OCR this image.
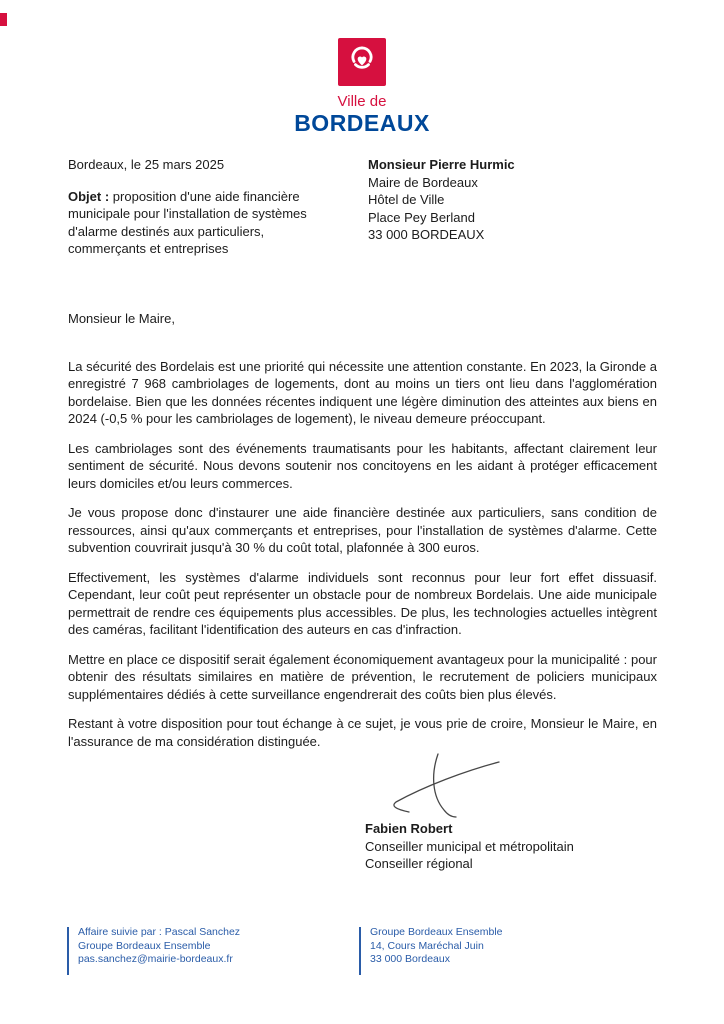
Ville de
BORDEAUX

Bordeaux, le 25 mars 2025

Objet : proposition d'une aide financière municipale pour l'installation de systèmes d'alarme destinés aux particuliers, commerçants et entreprises

Monsieur Pierre Hurmic
Maire de Bordeaux
Hôtel de Ville
Place Pey Berland
33 000 BORDEAUX

Monsieur le Maire,

La sécurité des Bordelais est une priorité qui nécessite une attention constante. En 2023, la Gironde a enregistré 7 968 cambriolages de logements, dont au moins un tiers ont lieu dans l'agglomération bordelaise. Bien que les données récentes indiquent une légère diminution des atteintes aux biens en 2024 (-0,5 % pour les cambriolages de logement), le niveau demeure préoccupant.

Les cambriolages sont des événements traumatisants pour les habitants, affectant clairement leur sentiment de sécurité. Nous devons soutenir nos concitoyens en les aidant à protéger efficacement leurs domiciles et/ou leurs commerces.

Je vous propose donc d'instaurer une aide financière destinée aux particuliers, sans condition de ressources, ainsi qu'aux commerçants et entreprises, pour l'installation de systèmes d'alarme. Cette subvention couvrirait jusqu'à 30 % du coût total, plafonnée à 300 euros.

Effectivement, les systèmes d'alarme individuels sont reconnus pour leur fort effet dissuasif. Cependant, leur coût peut représenter un obstacle pour de nombreux Bordelais. Une aide municipale permettrait de rendre ces équipements plus accessibles. De plus, les technologies actuelles intègrent des caméras, facilitant l'identification des auteurs en cas d'infraction.

Mettre en place ce dispositif serait également économiquement avantageux pour la municipalité : pour obtenir des résultats similaires en matière de prévention, le recrutement de policiers municipaux supplémentaires dédiés à cette surveillance engendrerait des coûts bien plus élevés.

Restant à votre disposition pour tout échange à ce sujet, je vous prie de croire, Monsieur le Maire, en l'assurance de ma considération distinguée.

Fabien Robert
Conseiller municipal et métropolitain
Conseiller régional
Affaire suivie par : Pascal Sanchez
Groupe Bordeaux Ensemble
pas.sanchez@mairie-bordeaux.fr
Groupe Bordeaux Ensemble
14, Cours Maréchal Juin
33 000 Bordeaux
